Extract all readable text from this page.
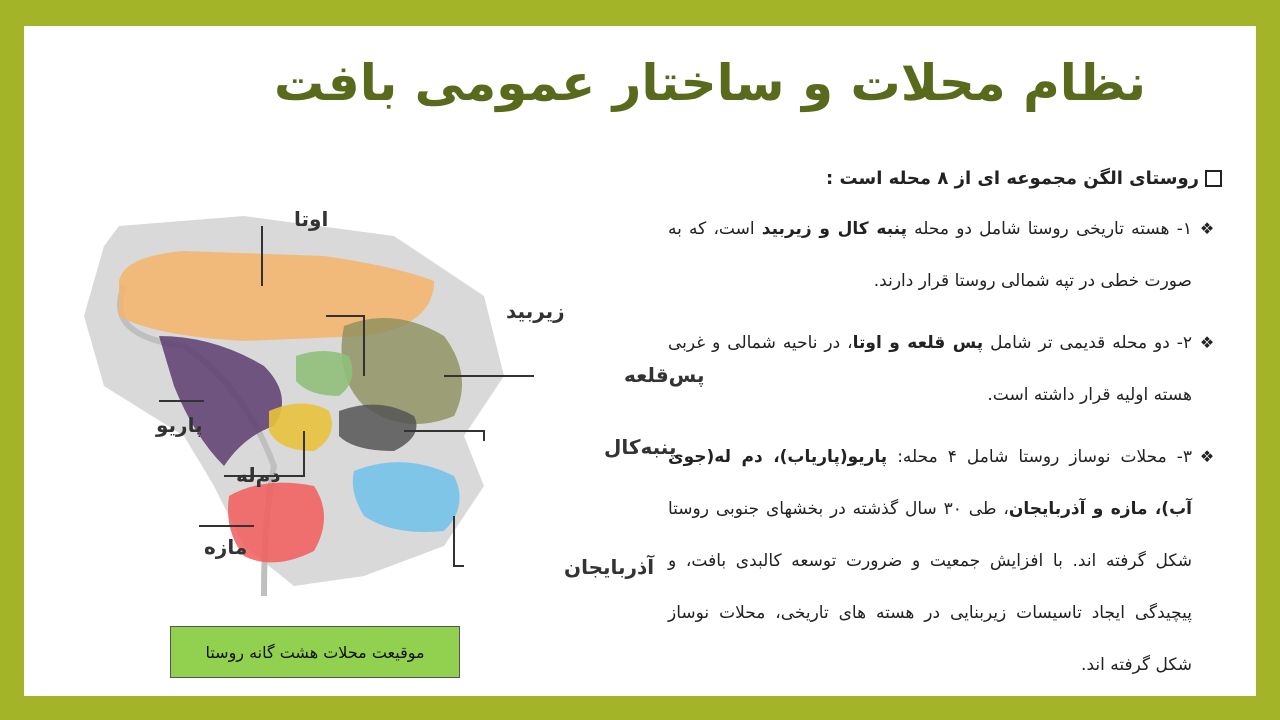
نظام محلات و ساختار عمومی بافت
روستای الگن مجموعه ای از ۸ محله است :
❖
۱- هسته تاریخی روستا شامل دو محله پنبه کال و زیربید است، که به صورت خطی در تپه شمالی روستا قرار دارند.
❖
۲- دو محله قدیمی تر شامل پس قلعه و اوتا، در ناحیه شمالی و غربی هسته اولیه قرار داشته است.
❖
۳- محلات نوساز روستا شامل ۴ محله: پاریو(پاریاب)، دم له(جوی آب)، مازه و آذربایجان، طی ۳۰ سال گذشته در بخشهای جنوبی روستا شکل گرفته اند. با افزایش جمعیت و ضرورت توسعه کالبدی بافت، و پیچیدگی ایجاد تاسیسات زیربنایی در هسته های تاریخی، محلات نوساز شکل گرفته اند.
اوتا
زیربید
پس‌قلعه
پاریو
پنبه‌کال
دم‌له
مازه
آذربایجان
موقیعت محلات هشت گانه روستا
